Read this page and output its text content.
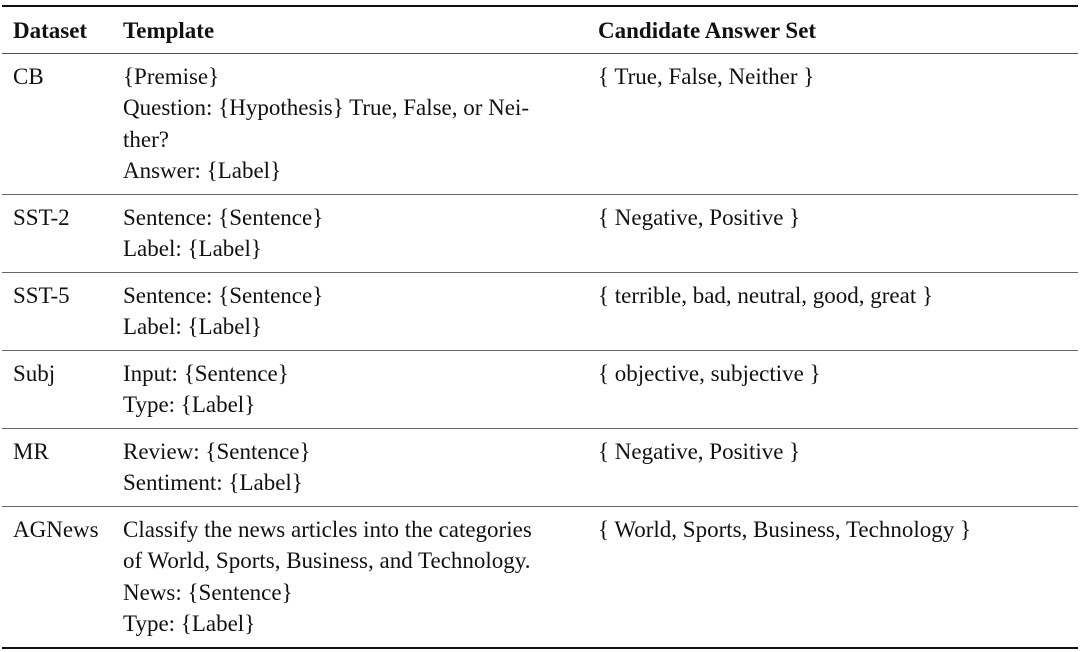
Dataset	Template	Candidate Answer Set
CB	{Premise}
Question: {Hypothesis} True, False, or Nei-
ther?
Answer: {Label}	{ True, False, Neither }
SST-2	Sentence: {Sentence}
Label: {Label}	{ Negative, Positive }
SST-5	Sentence: {Sentence}
Label: {Label}	{ terrible, bad, neutral, good, great }
Subj	Input: {Sentence}
Type: {Label}	{ objective, subjective }
MR	Review: {Sentence}
Sentiment: {Label}	{ Negative, Positive }
AGNews	Classify the news articles into the categories
of World, Sports, Business, and Technology.
News: {Sentence}
Type: {Label}	{ World, Sports, Business, Technology }
